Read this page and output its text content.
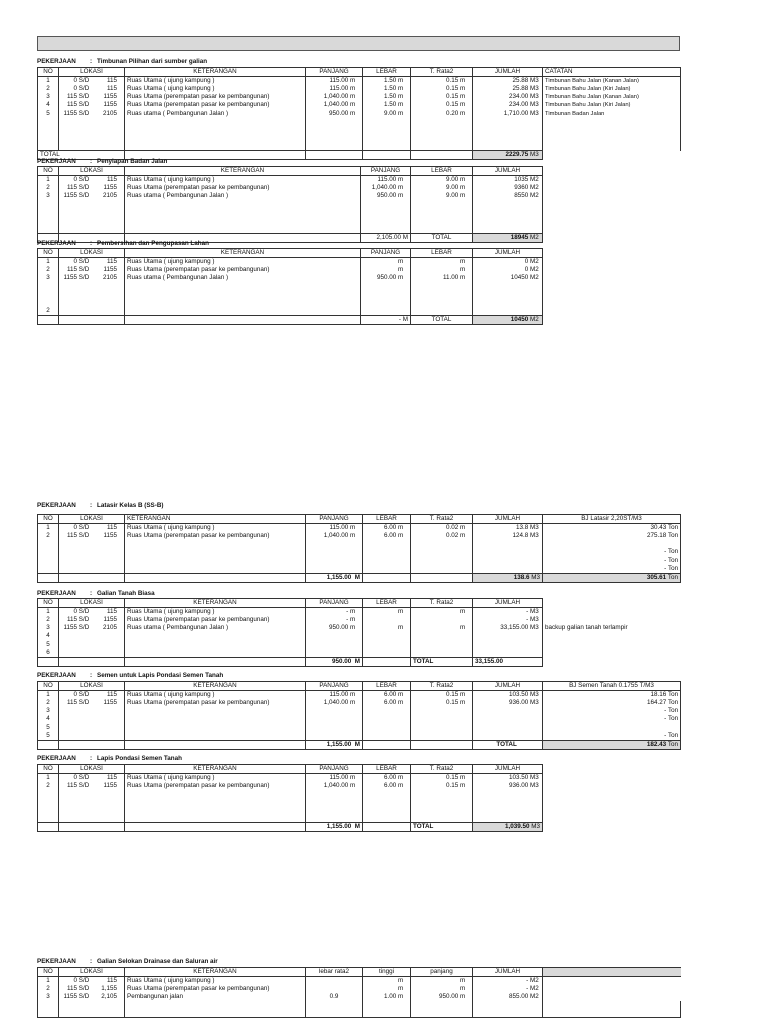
PEKERJAAN : Timbunan Pilihan dari sumber galian
NO	LOKASI	KETERANGAN	PANJANG	LEBAR	T. Rata2	JUMLAH	CATATAN
1	0 S/D 115	Ruas Utama ( ujung kampung )	115.00 m	1.50 m	0.15 m	25.88 M3	Timbunan Bahu Jalan (Kanan Jalan)
2	0 S/D 115	Ruas Utama ( ujung kampung )	115.00 m	1.50 m	0.15 m	25.88 M3	Timbunan Bahu Jalan (Kiri Jalan)
3	115 S/D 1155	Ruas Utama (perempatan pasar ke pembangunan)	1,040.00 m	1.50 m	0.15 m	234.00 M3	Timbunan Bahu Jalan (Kanan Jalan)
4	115 S/D 1155	Ruas Utama (perempatan pasar ke pembangunan)	1,040.00 m	1.50 m	0.15 m	234.00 M3	Timbunan Bahu Jalan (Kiri Jalan)
5	1155 S/D 2105	Ruas utama ( Pembangunan Jalan )	950.00 m	9.00 m	0.20 m	1,710.00 M3	Timbunan Badan Jalan

TOTAL						2229.75 M3	
PEKERJAAN : Penyiapan Badan Jalan
NO	LOKASI	KETERANGAN	PANJANG	LEBAR	JUMLAH
1	0 S/D 115	Ruas Utama ( ujung kampung )	115.00 m	9.00 m	1035 M2
2	115 S/D 1155	Ruas Utama (perempatan pasar ke pembangunan)	1,040.00 m	9.00 m	9360 M2
3	1155 S/D 2105	Ruas utama ( Pembangunan Jalan )	950.00 m	9.00 m	8550 M2

			2,105.00 M	TOTAL	18945 M2
PEKERJAAN : Pembersihan dan Pengupasan Lahan
NO	LOKASI	KETERANGAN	PANJANG	LEBAR	JUMLAH
1	0 S/D 115	Ruas Utama ( ujung kampung )	m	m	0 M2
2	115 S/D 1155	Ruas Utama (perempatan pasar ke pembangunan)	m	m	0 M2
3	1155 S/D 2105	Ruas utama ( Pembangunan Jalan )	950.00 m	11.00 m	10450 M2

2					
			- M	TOTAL	10450 M2
PEKERJAAN : Latasir Kelas B (SS-B)
NO	LOKASI	KETERANGAN	PANJANG	LEBAR	T. Rata2	JUMLAH	BJ Latasir 2,20ST/M3
1	0 S/D 115	Ruas Utama ( ujung kampung )	115.00 m	6.00 m	0.02 m	13.8 M3	30.43 Ton
2	115 S/D 1155	Ruas Utama (perempatan pasar ke pembangunan)	1,040.00 m	6.00 m	0.02 m	124.8 M3	275.18 Ton

							- Ton
							- Ton
							- Ton
			1,155.00 M			138.6 M3	305.61 Ton
PEKERJAAN : Galian Tanah Biasa
NO	LOKASI	KETERANGAN	PANJANG	LEBAR	T. Rata2	JUMLAH	
1	0 S/D 115	Ruas Utama ( ujung kampung )	- m	m	m	- M3	
2	115 S/D 1155	Ruas Utama (perempatan pasar ke pembangunan)	- m			- M3	
3	1155 S/D 2105	Ruas utama ( Pembangunan Jalan )	950.00 m	m	m	33,155.00 M3	backup galian tanah terlampir
4							
5							
6							
			950.00 M		TOTAL	33,155.00	
PEKERJAAN : Semen untuk Lapis Pondasi Semen Tanah
NO	LOKASI	KETERANGAN	PANJANG	LEBAR	T. Rata2	JUMLAH	BJ Semen Tanah 0.1755 T/M3
1	0 S/D 115	Ruas Utama ( ujung kampung )	115.00 m	6.00 m	0.15 m	103.50 M3	18.16 Ton
2	115 S/D 1155	Ruas Utama (perempatan pasar ke pembangunan)	1,040.00 m	6.00 m	0.15 m	936.00 M3	164.27 Ton
3							- Ton
4							- Ton
5							
5							- Ton
			1,155.00 M			TOTAL	182.43 Ton
PEKERJAAN : Lapis Pondasi Semen Tanah
NO	LOKASI	KETERANGAN	PANJANG	LEBAR	T. Rata2	JUMLAH
1	0 S/D 115	Ruas Utama ( ujung kampung )	115.00 m	6.00 m	0.15 m	103.50 M3
2	115 S/D 1155	Ruas Utama (perempatan pasar ke pembangunan)	1,040.00 m	6.00 m	0.15 m	936.00 M3

			1,155.00 M		TOTAL	1,039.50 M3
PEKERJAAN : Galian Selokan Drainase dan Saluran air
NO	LOKASI	KETERANGAN	lebar rata2	tinggi	panjang	JUMLAH	
1	0 S/D 115	Ruas Utama ( ujung kampung )		m	m	- M2	
2	115 S/D 1,155	Ruas Utama (perempatan pasar ke pembangunan)		m	m	- M2	
3	1155 S/D 2,105	Pembangunan jalan	0.9	1.00 m	950.00 m	855.00 M2	
